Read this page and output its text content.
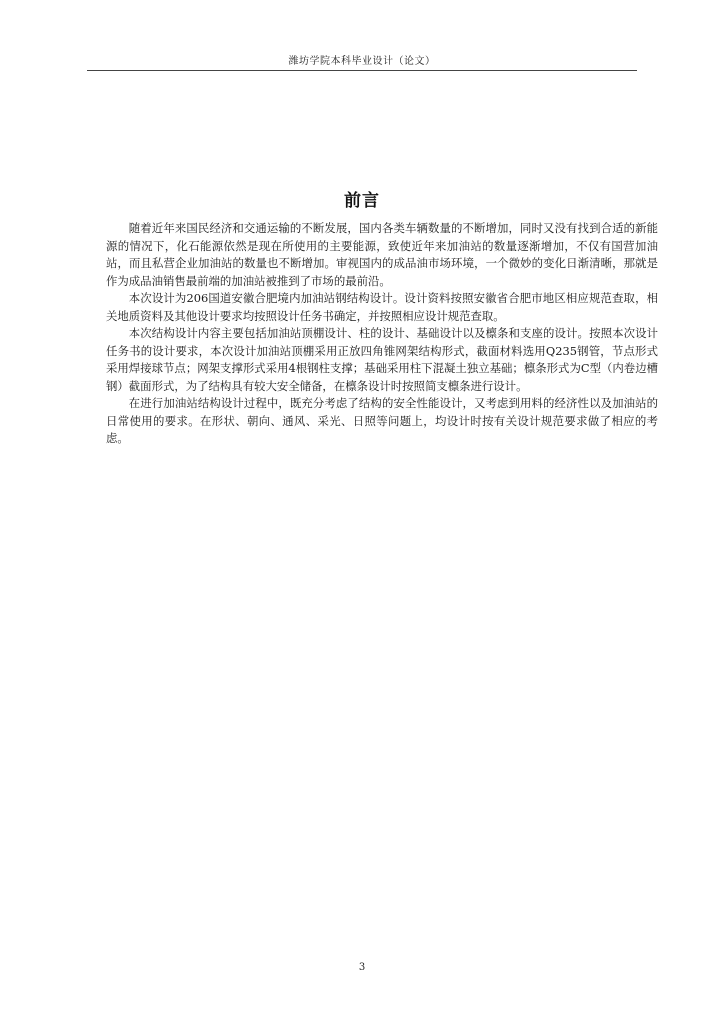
潍坊学院本科毕业设计（论文）
前言

随着近年来国民经济和交通运输的不断发展，国内各类车辆数量的不断增加，同时又没有找到合适的新能源的情况下，化石能源依然是现在所使用的主要能源，致使近年来加油站的数量逐渐增加，不仅有国营加油站，而且私营企业加油站的数量也不断增加。审视国内的成品油市场环境，一个微妙的变化日渐清晰，那就是作为成品油销售最前端的加油站被推到了市场的最前沿。

本次设计为206国道安徽合肥境内加油站钢结构设计。设计资料按照安徽省合肥市地区相应规范查取，相关地质资料及其他设计要求均按照设计任务书确定，并按照相应设计规范查取。

本次结构设计内容主要包括加油站顶棚设计、柱的设计、基础设计以及檩条和支座的设计。按照本次设计任务书的设计要求，本次设计加油站顶棚采用正放四角锥网架结构形式，截面材料选用Q235钢管，节点形式采用焊接球节点；网架支撑形式采用4根钢柱支撑；基础采用柱下混凝土独立基础；檩条形式为C型（内卷边槽钢）截面形式，为了结构具有较大安全储备，在檩条设计时按照简支檩条进行设计。

在进行加油站结构设计过程中，既充分考虑了结构的安全性能设计，又考虑到用料的经济性以及加油站的日常使用的要求。在形状、朝向、通风、采光、日照等问题上，均设计时按有关设计规范要求做了相应的考虑。

3
